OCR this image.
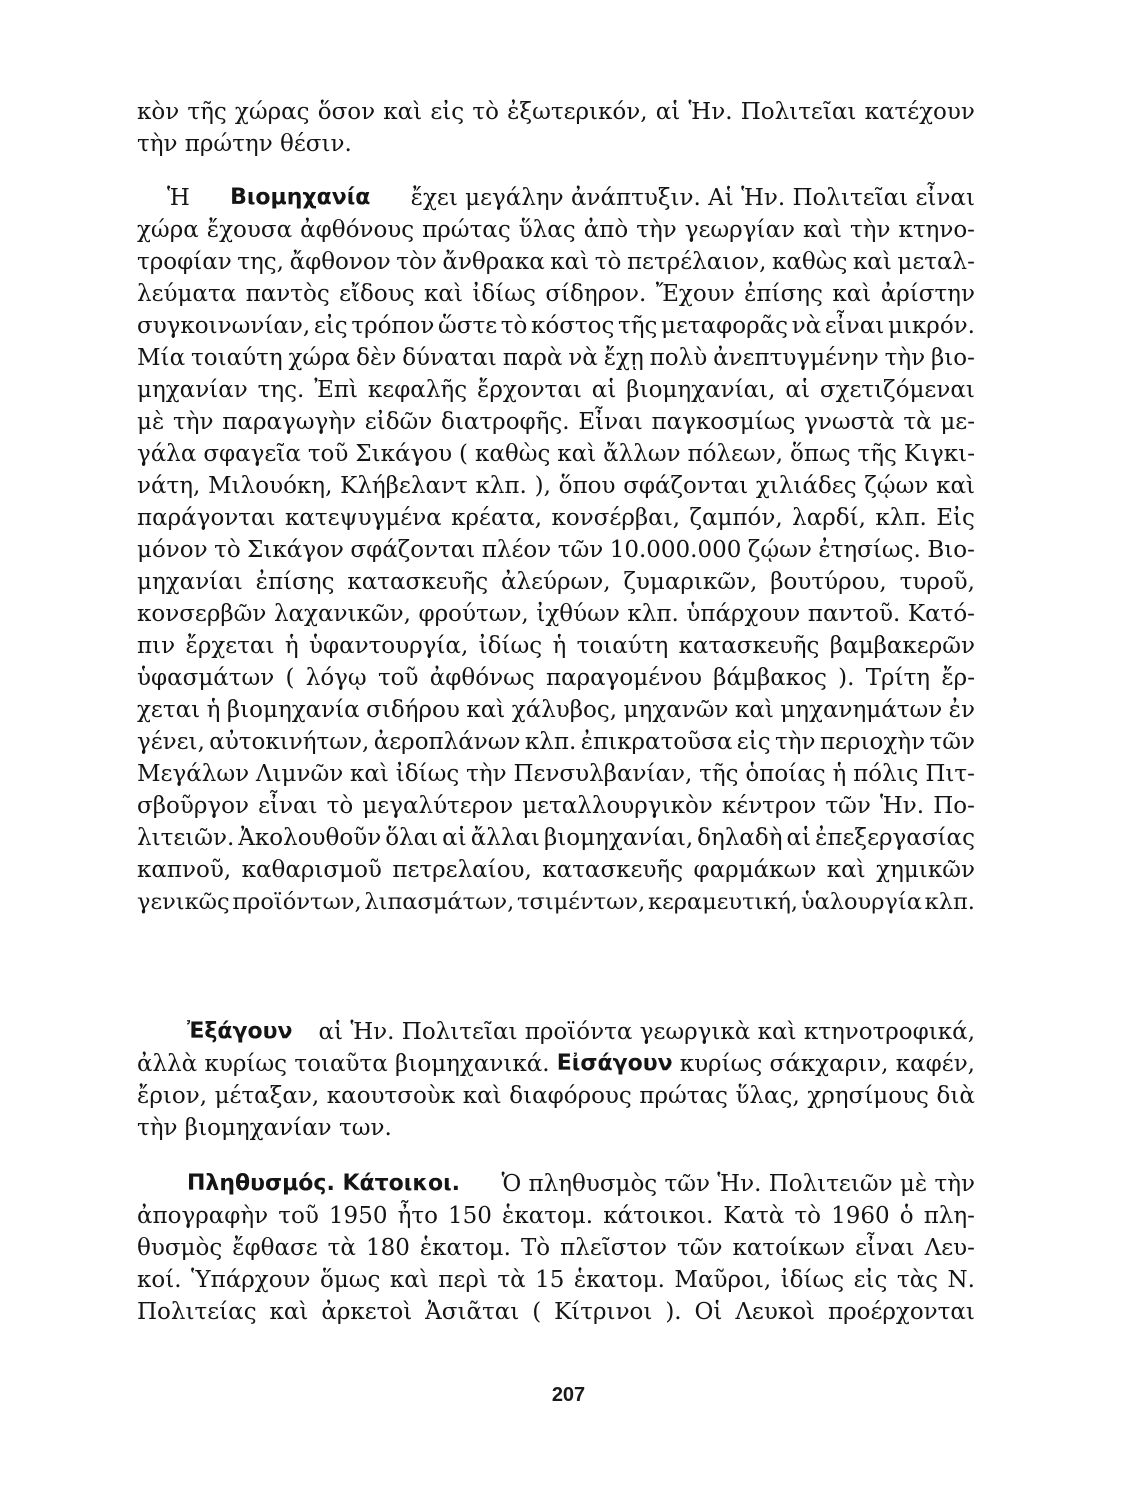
κὸν τῆς χώρας ὅσον καὶ εἰς τὸ ἐξωτερικόν, αἱ Ἡν. Πολιτεῖαι κατέχουν
τὴν πρώτην θέσιν.
Ἡ Βιομηχανία ἔχει μεγάλην ἀνάπτυξιν. Αἱ Ἡν. Πολιτεῖαι εἶναι
χώρα ἔχουσα ἀφθόνους πρώτας ὕλας ἀπὸ τὴν γεωργίαν καὶ τὴν κτηνο-
τροφίαν της, ἄφθονον τὸν ἄνθρακα καὶ τὸ πετρέλαιον, καθὼς καὶ μεταλ-
λεύματα παντὸς εἴδους καὶ ἰδίως σίδηρον. Ἔχουν ἐπίσης καὶ ἀρίστην
συγκοινωνίαν, εἰς τρόπον ὥστε τὸ κόστος τῆς μεταφορᾶς νὰ εἶναι μικρόν.
Μία τοιαύτη χώρα δὲν δύναται παρὰ νὰ ἔχῃ πολὺ ἀνεπτυγμένην τὴν βιο-
μηχανίαν της. Ἐπὶ κεφαλῆς ἔρχονται αἱ βιομηχανίαι, αἱ σχετιζόμεναι
μὲ τὴν παραγωγὴν εἰδῶν διατροφῆς. Εἶναι παγκοσμίως γνωστὰ τὰ με-
γάλα σφαγεῖα τοῦ Σικάγου ( καθὼς καὶ ἄλλων πόλεων, ὅπως τῆς Κιγκι-
νάτη, Μιλουόκη, Κλήβελαντ κλπ. ), ὅπου σφάζονται χιλιάδες ζῴων καὶ
παράγονται κατεψυγμένα κρέατα, κονσέρβαι, ζαμπόν, λαρδί, κλπ. Εἰς
μόνον τὸ Σικάγον σφάζονται πλέον τῶν 10.000.000 ζῴων ἐτησίως. Βιο-
μηχανίαι ἐπίσης κατασκευῆς ἀλεύρων, ζυμαρικῶν, βουτύρου, τυροῦ,
κονσερβῶν λαχανικῶν, φρούτων, ἰχθύων κλπ. ὑπάρχουν παντοῦ. Κατό-
πιν ἔρχεται ἡ ὑφαντουργία, ἰδίως ἡ τοιαύτη κατασκευῆς βαμβακερῶν
ὑφασμάτων ( λόγῳ τοῦ ἀφθόνως παραγομένου βάμβακος ). Τρίτη ἔρ-
χεται ἡ βιομηχανία σιδήρου καὶ χάλυβος, μηχανῶν καὶ μηχανημάτων ἐν
γένει, αὐτοκινήτων, ἀεροπλάνων κλπ. ἐπικρατοῦσα εἰς τὴν περιοχὴν τῶν
Μεγάλων Λιμνῶν καὶ ἰδίως τὴν Πενσυλβανίαν, τῆς ὁποίας ἡ πόλις Πιτ-
σβοῦργον εἶναι τὸ μεγαλύτερον μεταλλουργικὸν κέντρον τῶν Ἡν. Πο-
λιτειῶν. Ἀκολουθοῦν ὅλαι αἱ ἄλλαι βιομηχανίαι, δηλαδὴ αἱ ἐπεξεργασίας
καπνοῦ, καθαρισμοῦ πετρελαίου, κατασκευῆς φαρμάκων καὶ χημικῶν
γενικῶς προϊόντων, λιπασμάτων, τσιμέντων, κεραμευτική, ὑαλουργία κλπ.
Ἐξάγουν αἱ Ἡν. Πολιτεῖαι προϊόντα γεωργικὰ καὶ κτηνοτροφικά,
ἀλλὰ κυρίως τοιαῦτα βιομηχανικά. Εἰσάγουν κυρίως σάκχαριν, καφέν,
ἔριον, μέταξαν, καουτσοὺκ καὶ διαφόρους πρώτας ὕλας, χρησίμους διὰ
τὴν βιομηχανίαν των.
Πληθυσμός. Κάτοικοι. Ὁ πληθυσμὸς τῶν Ἡν. Πολιτειῶν μὲ τὴν
ἀπογραφὴν τοῦ 1950 ἦτο 150 ἑκατομ. κάτοικοι. Κατὰ τὸ 1960 ὁ πλη-
θυσμὸς ἔφθασε τὰ 180 ἑκατομ. Τὸ πλεῖστον τῶν κατοίκων εἶναι Λευ-
κοί. Ὑπάρχουν ὅμως καὶ περὶ τὰ 15 ἑκατομ. Μαῦροι, ἰδίως εἰς τὰς Ν.
Πολιτείας καὶ ἀρκετοὶ Ἀσιᾶται ( Κίτρινοι ). Οἱ Λευκοὶ προέρχονται
207
